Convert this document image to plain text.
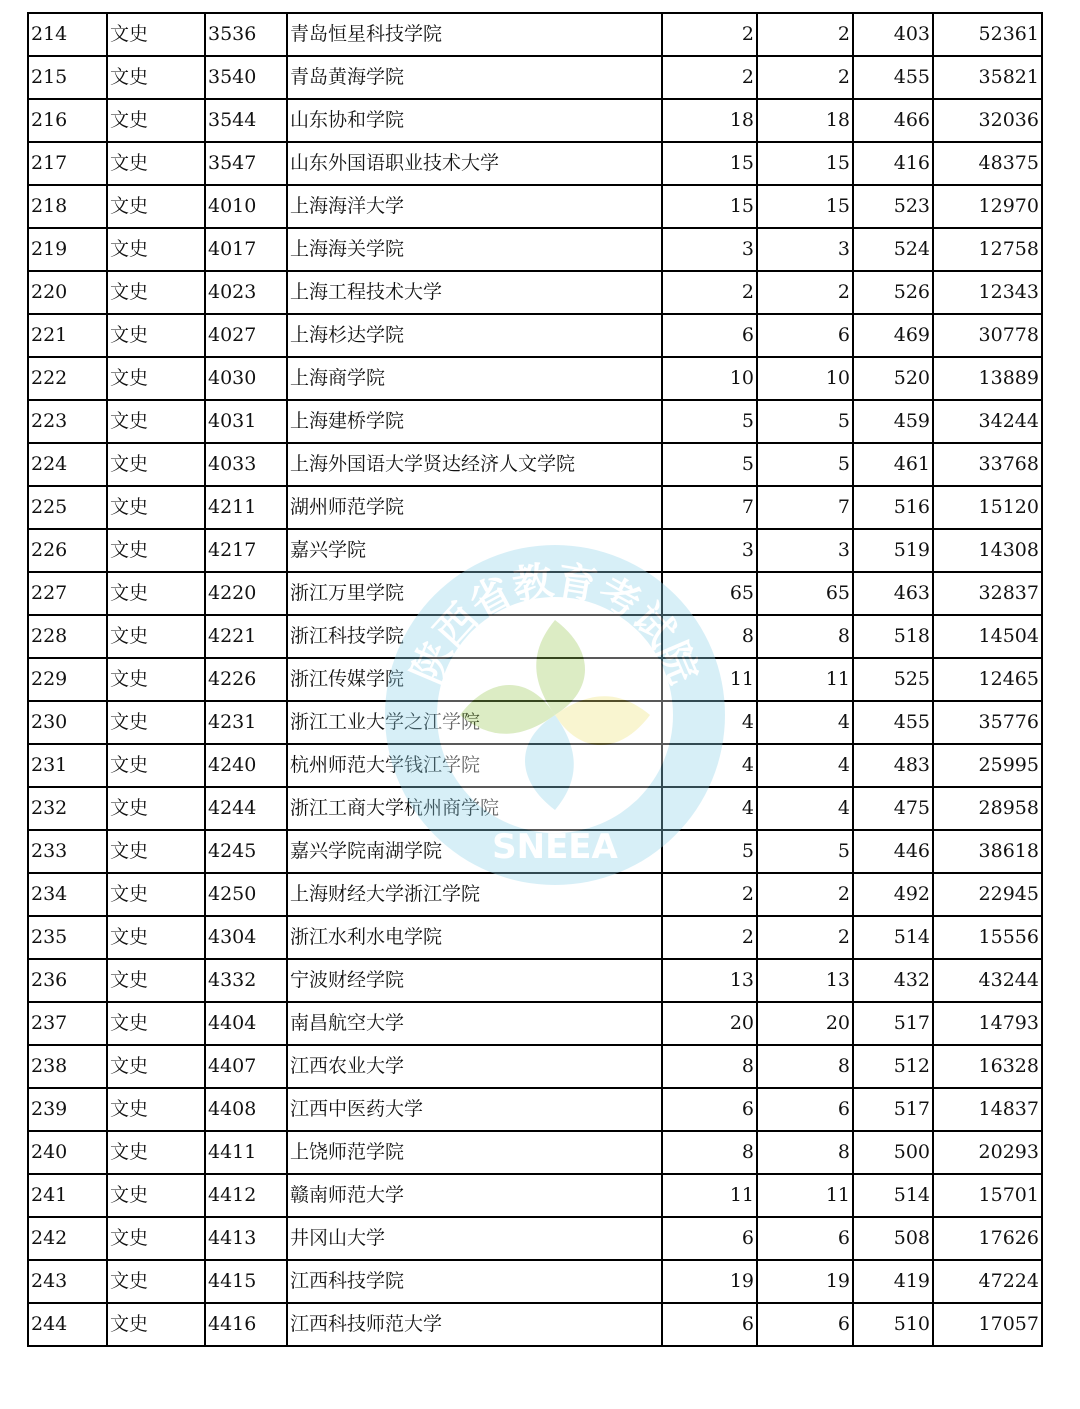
214	文史	3536	青岛恒星科技学院	2	2	403	52361
215	文史	3540	青岛黄海学院	2	2	455	35821
216	文史	3544	山东协和学院	18	18	466	32036
217	文史	3547	山东外国语职业技术大学	15	15	416	48375
218	文史	4010	上海海洋大学	15	15	523	12970
219	文史	4017	上海海关学院	3	3	524	12758
220	文史	4023	上海工程技术大学	2	2	526	12343
221	文史	4027	上海杉达学院	6	6	469	30778
222	文史	4030	上海商学院	10	10	520	13889
223	文史	4031	上海建桥学院	5	5	459	34244
224	文史	4033	上海外国语大学贤达经济人文学院	5	5	461	33768
225	文史	4211	湖州师范学院	7	7	516	15120
226	文史	4217	嘉兴学院	3	3	519	14308
227	文史	4220	浙江万里学院	65	65	463	32837
228	文史	4221	浙江科技学院	8	8	518	14504
229	文史	4226	浙江传媒学院	11	11	525	12465
230	文史	4231	浙江工业大学之江学院	4	4	455	35776
231	文史	4240	杭州师范大学钱江学院	4	4	483	25995
232	文史	4244	浙江工商大学杭州商学院	4	4	475	28958
233	文史	4245	嘉兴学院南湖学院	5	5	446	38618
234	文史	4250	上海财经大学浙江学院	2	2	492	22945
235	文史	4304	浙江水利水电学院	2	2	514	15556
236	文史	4332	宁波财经学院	13	13	432	43244
237	文史	4404	南昌航空大学	20	20	517	14793
238	文史	4407	江西农业大学	8	8	512	16328
239	文史	4408	江西中医药大学	6	6	517	14837
240	文史	4411	上饶师范学院	8	8	500	20293
241	文史	4412	赣南师范大学	11	11	514	15701
242	文史	4413	井冈山大学	6	6	508	17626
243	文史	4415	江西科技学院	19	19	419	47224
244	文史	4416	江西科技师范大学	6	6	510	17057
陕西省教育考试院
SNEEA
